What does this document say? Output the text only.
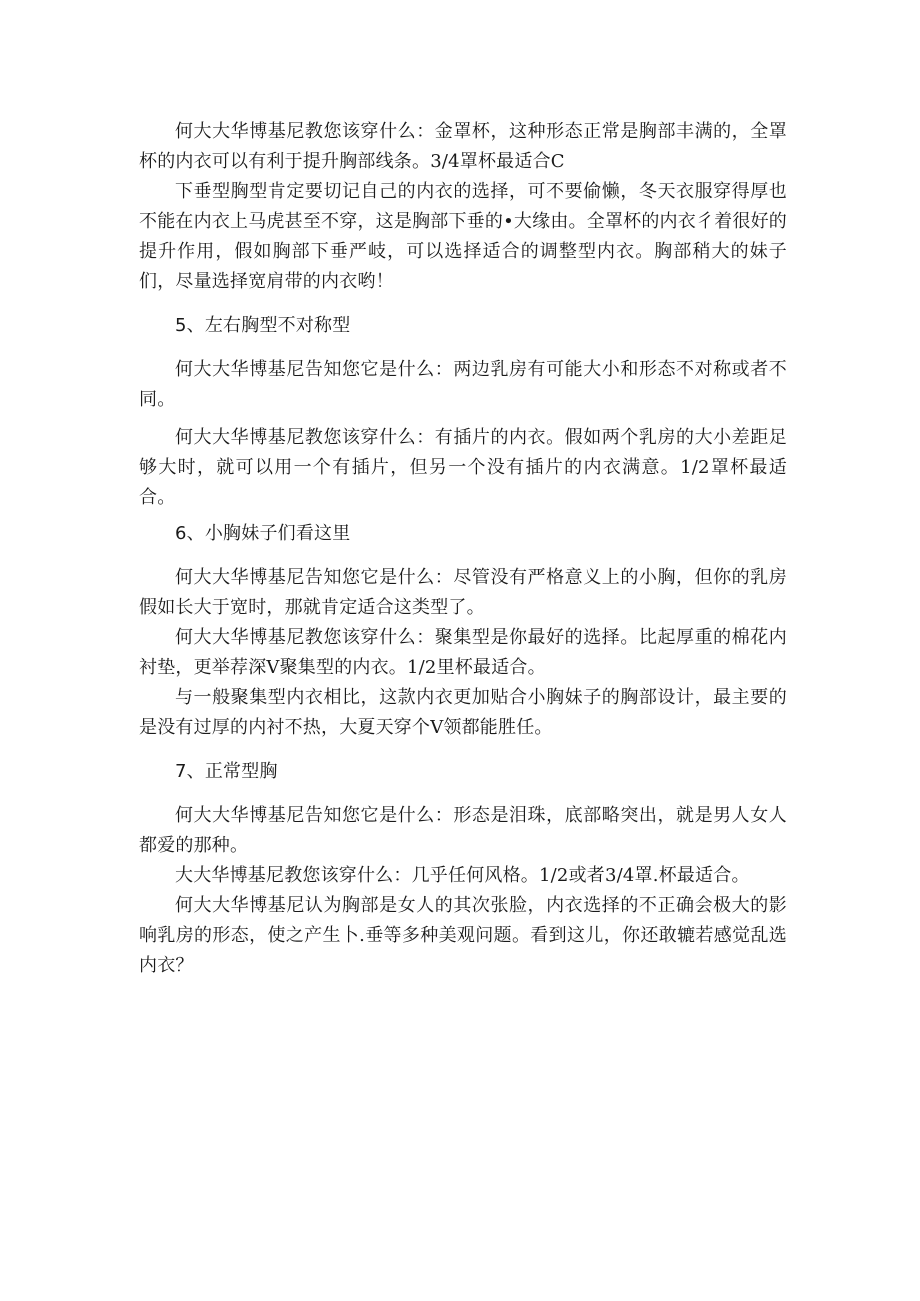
何大大华博基尼教您该穿什么：金罩杯，这种形态正常是胸部丰满的，全罩杯的内衣可以有利于提升胸部线条。3/4罩杯最适合C

下垂型胸型肯定要切记自己的内衣的选择，可不要偷懒，冬天衣服穿得厚也不能在内衣上马虎甚至不穿，这是胸部下垂的•大缘由。全罩杯的内衣彳着很好的提升作用，假如胸部下垂严岐，可以选择适合的调整型内衣。胸部稍大的妹子们，尽量选择宽肩带的内衣哟！

5、左右胸型不对称型

何大大华博基尼告知您它是什么：两边乳房有可能大小和形态不对称或者不同。

何大大华博基尼教您该穿什么：有插片的内衣。假如两个乳房的大小差距足够大时，就可以用一个有插片，但另一个没有插片的内衣满意。1/2罩杯最适合。

6、小胸妹子们看这里

何大大华博基尼告知您它是什么：尽管没有严格意义上的小胸，但你的乳房假如长大于宽时，那就肯定适合这类型了。

何大大华博基尼教您该穿什么：聚集型是你最好的选择。比起厚重的棉花内衬垫，更举荐深V聚集型的内衣。1/2里杯最适合。

与一般聚集型内衣相比，这款内衣更加贴合小胸妹子的胸部设计，最主要的是没有过厚的内衬不热，大夏天穿个V领都能胜任。

7、正常型胸

何大大华博基尼告知您它是什么：形态是泪珠，底部略突出，就是男人女人都爱的那种。

大大华博基尼教您该穿什么：几乎任何风格。1/2或者3/4罩.杯最适合。

何大大华博基尼认为胸部是女人的其次张脸，内衣选择的不正确会极大的影响乳房的形态，使之产生卜.垂等多种美观问题。看到这儿，你还敢辘若感觉乱选内衣？
